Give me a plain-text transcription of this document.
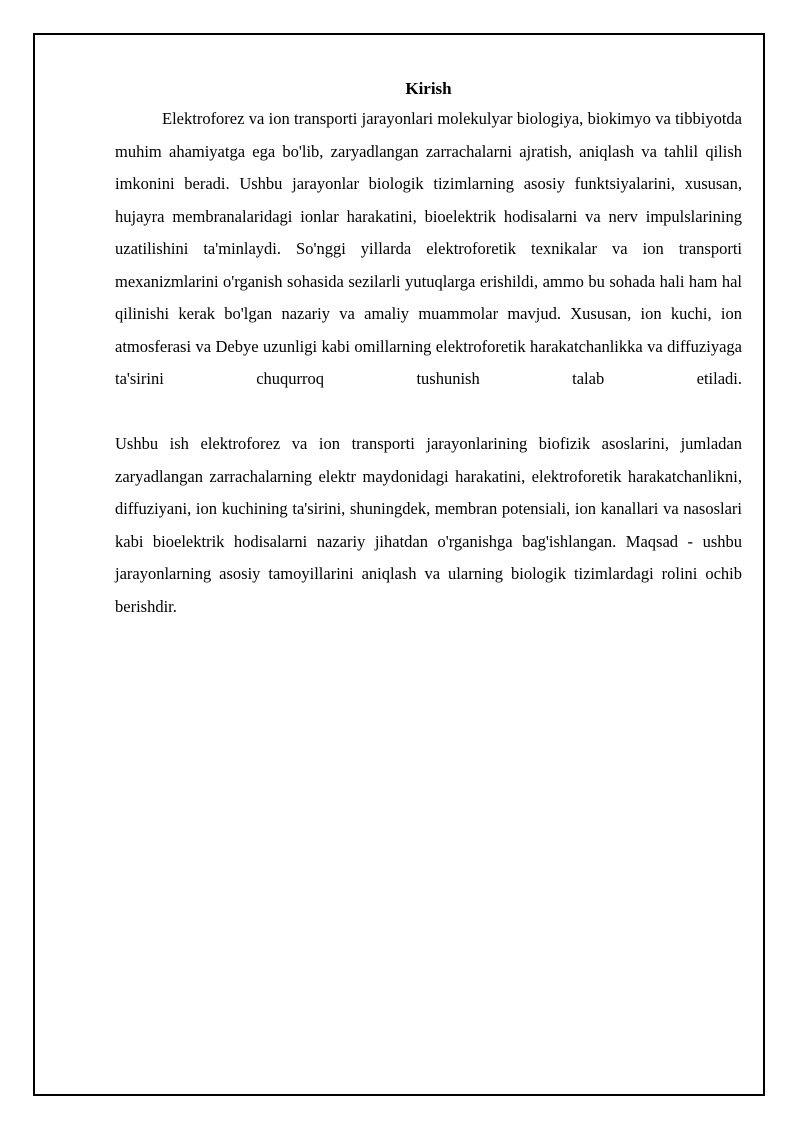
Kirish

Elektroforez va ion transporti jarayonlari molekulyar biologiya, biokimyo va tibbiyotda muhim ahamiyatga ega bo'lib, zaryadlangan zarrachalarni ajratish, aniqlash va tahlil qilish imkonini beradi. Ushbu jarayonlar biologik tizimlarning asosiy funktsiyalarini, xususan, hujayra membranalaridagi ionlar harakatini, bioelektrik hodisalarni va nerv impulslarining uzatilishini ta'minlaydi. So'nggi yillarda elektroforetik texnikalar va ion transporti mexanizmlarini o'rganish sohasida sezilarli yutuqlarga erishildi, ammo bu sohada hali ham hal qilinishi kerak bo'lgan nazariy va amaliy muammolar mavjud. Xususan, ion kuchi, ion atmosferasi va Debye uzunligi kabi omillarning elektroforetik harakatchanlikka va diffuziyaga ta'sirini chuqurroq tushunish talab etiladi.

Ushbu ish elektroforez va ion transporti jarayonlarining biofizik asoslarini, jumladan zaryadlangan zarrachalarning elektr maydonidagi harakatini, elektroforetik harakatchanlikni, diffuziyani, ion kuchining ta'sirini, shuningdek, membran potensiali, ion kanallari va nasoslari kabi bioelektrik hodisalarni nazariy jihatdan o'rganishga bag'ishlangan. Maqsad - ushbu jarayonlarning asosiy tamoyillarini aniqlash va ularning biologik tizimlardagi rolini ochib berishdir.
